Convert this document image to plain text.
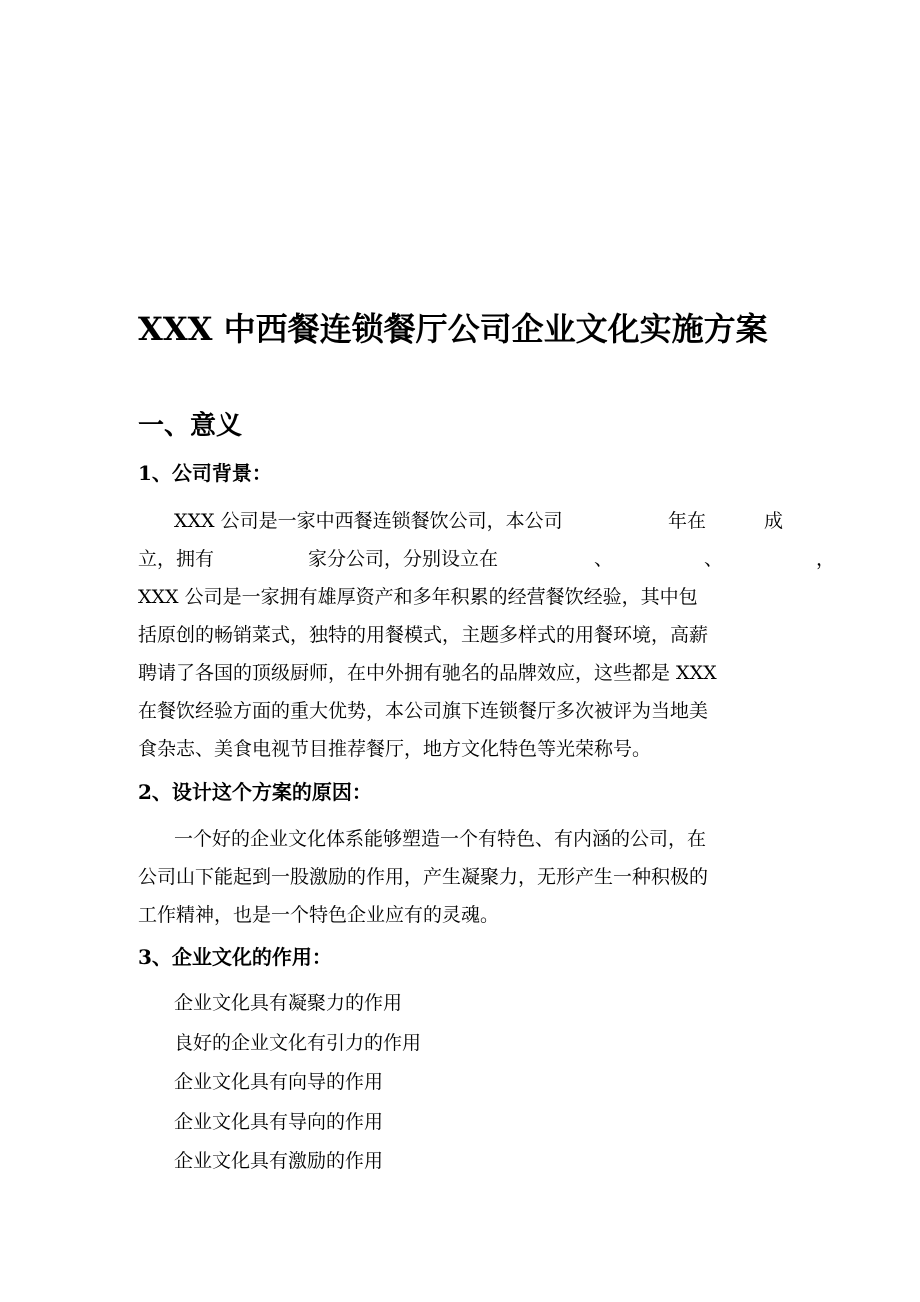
XXX 中西餐连锁餐厅公司企业文化实施方案
一、意义
1、公司背景：
XXX 公司是一家中西餐连锁餐饮公司，本公司	年在	成
立，拥有	家分公司，分别设立在	、	、	，
XXX 公司是一家拥有雄厚资产和多年积累的经营餐饮经验，其中包
括原创的畅销菜式，独特的用餐模式，主题多样式的用餐环境，高薪
聘请了各国的顶级厨师，在中外拥有驰名的品牌效应，这些都是 XXX
在餐饮经验方面的重大优势，本公司旗下连锁餐厅多次被评为当地美
食杂志、美食电视节目推荐餐厅，地方文化特色等光荣称号。
2、设计这个方案的原因：
一个好的企业文化体系能够塑造一个有特色、有内涵的公司，在
公司山下能起到一股激励的作用，产生凝聚力，无形产生一种积极的
工作精神，也是一个特色企业应有的灵魂。
3、企业文化的作用：
企业文化具有凝聚力的作用
良好的企业文化有引力的作用
企业文化具有向导的作用
企业文化具有导向的作用
企业文化具有激励的作用
